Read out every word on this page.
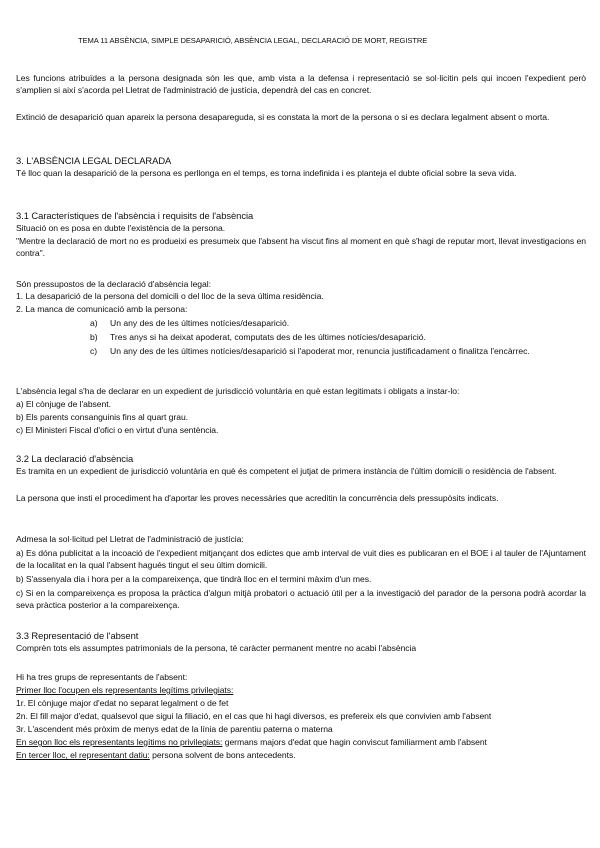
TEMA 11 ABSÈNCIA, SIMPLE DESAPARICIÓ, ABSÈNCIA LEGAL, DECLARACIÓ DE MORT, REGISTRE
Les funcions atribuïdes a la persona designada són les que, amb vista a la defensa i representació se sol·licitin pels qui incoen l'expedient però s'amplien si així s'acorda pel Lletrat de l'administració de justícia, dependrà del cas en concret.
Extinció de desaparició quan apareix la persona desapareguda, si es constata la mort de la persona o si es declara legalment absent o morta.
3. L'ABSÈNCIA LEGAL DECLARADA
Té lloc quan la desaparició de la persona es perllonga en el temps, es torna indefinida i es planteja el dubte oficial sobre la seva vida.
3.1 Característiques de l'absència i requisits de l'absència
Situació on es posa en dubte l'existència de la persona.
"Mentre la declaració de mort no es produeixi es presumeix que l'absent ha viscut fins al moment en què s'hagi de reputar mort, llevat investigacions en contra".
Són pressupostos de la declaració d'absència legal:
1. La desaparició de la persona del domicili o del lloc de la seva última residència.
2. La manca de comunicació amb la persona:
a)	Un any des de les últimes notícies/desaparició.
b)	Tres anys si ha deixat apoderat, computats des de les últimes notícies/desaparició.
c)	Un any des de les últimes notícies/desaparició si l'apoderat mor, renuncia justificadament o finalitza l'encàrrec.
L'absència legal s'ha de declarar en un expedient de jurisdicció voluntària en què estan legitimats i obligats a instar-lo:
a) El cònjuge de l'absent.
b) Els parents consanguinis fins al quart grau.
c) El Ministeri Fiscal d'ofici o en virtut d'una sentència.
3.2 La declaració d'absència
Es tramita en un expedient de jurisdicció voluntària en què és competent el jutjat de primera instància de l'últim domicili o residència de l'absent.
La persona que insti el procediment ha d'aportar les proves necessàries que acreditin la concurrència dels pressupòsits indicats.
Admesa la sol·licitud pel Lletrat de l'administració de justícia:
a) Es dóna publicitat a la incoació de l'expedient mitjançant dos edictes que amb interval de vuit dies es publicaran en el BOE i al tauler de l'Ajuntament de la localitat en la qual l'absent hagués tingut el seu últim domicili.
b) S'assenyala dia i hora per a la compareixença, que tindrà lloc en el termini màxim d'un mes.
c) Si en la compareixença es proposa la pràctica d'algun mitjà probatori o actuació útil per a la investigació del parador de la persona podrà acordar la seva pràctica posterior a la compareixença.
3.3 Representació de l'absent
Comprèn tots els assumptes patrimonials de la persona, té caràcter permanent mentre no acabi l'absència
Hi ha tres grups de representants de l'absent:
Primer lloc l'ocupen els representants legítims privilegiats:
1r. El cònjuge major d'edat no separat legalment o de fet
2n. El fill major d'edat, qualsevol que sigui la filiació, en el cas que hi hagi diversos, es prefereix els que convivien amb l'absent
3r. L'ascendent més pròxim de menys edat de la línia de parentiu paterna o materna
En segon lloc els representants legítims no privilegiats: germans majors d'edat que hagin conviscut familiarment amb l'absent
En tercer lloc, el representant datiu: persona solvent de bons antecedents.
